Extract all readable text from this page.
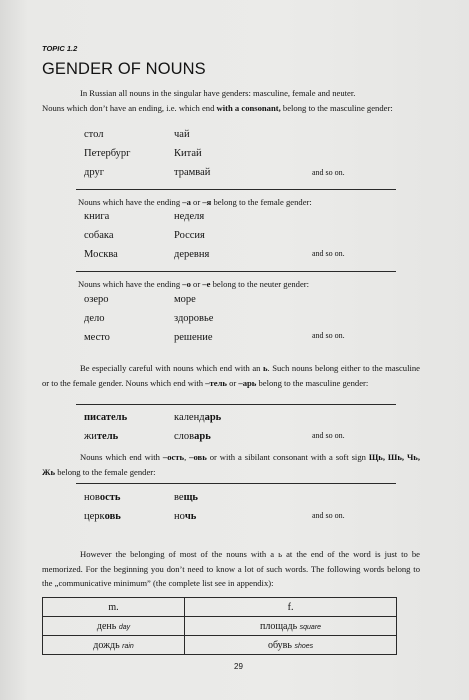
TOPIC 1.2
GENDER OF NOUNS
In Russian all nouns in the singular have genders: masculine, female and neuter.
Nouns which don’t have an ending, i.e. which end with a consonant, belong to the masculine gender:
стол	чай
Петербург	Китай
друг	трамвай	and so on.
Nouns which have the ending –а or –я belong to the female gender:
книга	неделя
собака	Россия
Москва	деревня	and so on.
Nouns which have the ending –о or –е belong to the neuter gender:
озеро	море
дело	здоровье
место	решение	and so on.
Be especially careful with nouns which end with an ь. Such nouns belong either to the masculine or to the female gender. Nouns which end with –тель or –арь belong to the masculine gender:
писатель	календарь
житель	словарь	and so on.
Nouns which end with –ость, –овь or with a sibilant consonant with a soft sign Щь, Шь, Чь, Жь belong to the female gender:
новость	вещь
церковь	ночь	and so on.
However the belonging of most of the nouns with a ь at the end of the word is just to be memorized. For the beginning you don’t need to know a lot of such words. The following words belong to the „communicative minimum” (the complete list see in appendix):
m.	f.
день day	площадь square
дождь rain	обувь shoes
29
